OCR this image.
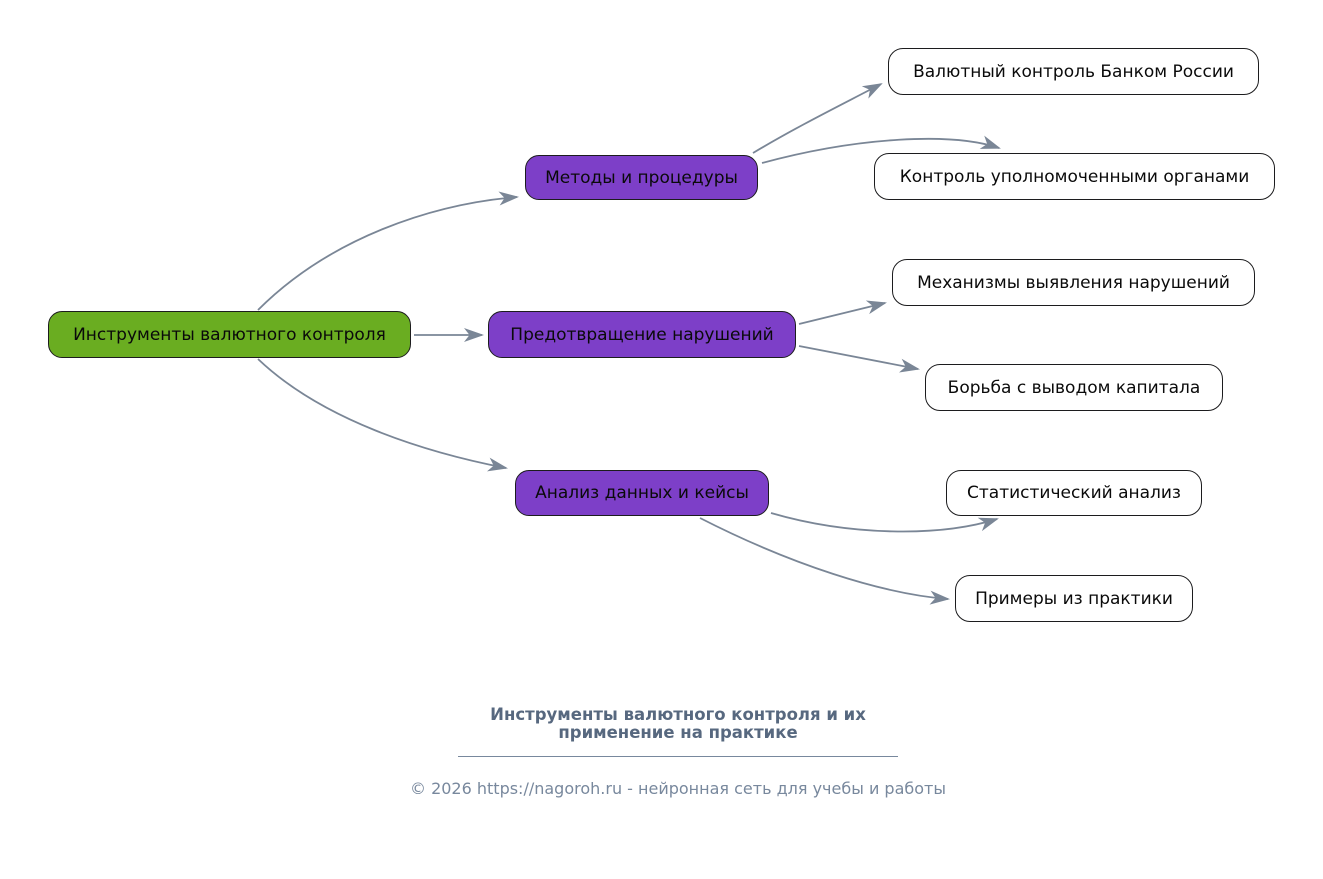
Инструменты валютного контроля
Методы и процедуры
Предотвращение нарушений
Анализ данных и кейсы
Валютный контроль Банком России
Контроль уполномоченными органами
Механизмы выявления нарушений
Борьба с выводом капитала
Статистический анализ
Примеры из практики
Инструменты валютного контроля и их применение на практике
© 2026 https://nagoroh.ru - нейронная сеть для учебы и работы
